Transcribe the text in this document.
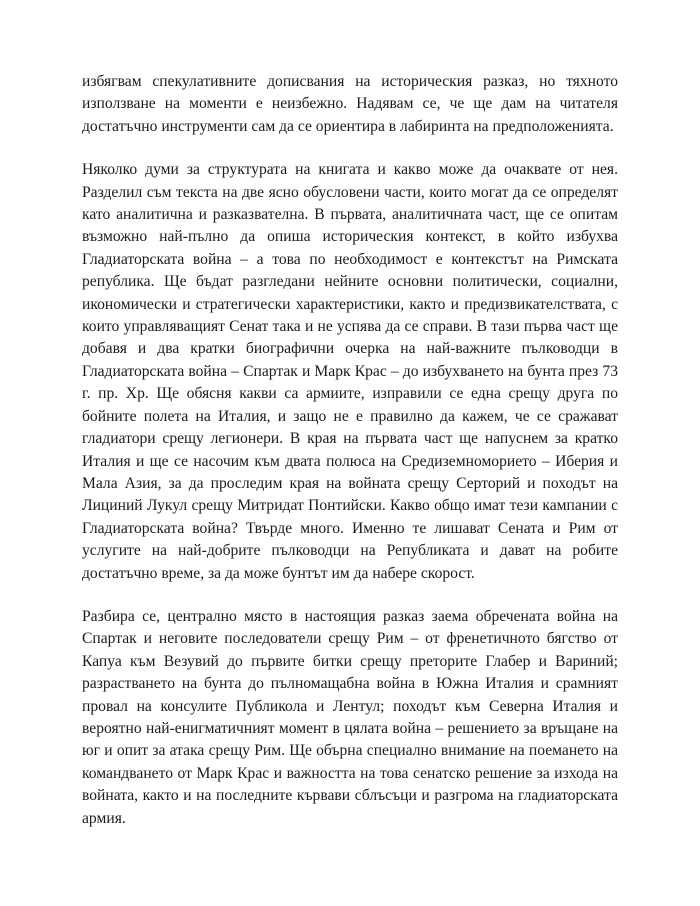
избягвам спекулативните дописвания на историческия разказ, но тяхното използване на моменти е неизбежно. Надявам се, че ще дам на читателя достатъчно инструменти сам да се ориентира в лабиринта на предположенията.

Няколко думи за структурата на книгата и какво може да очаквате от нея. Разделил съм текста на две ясно обусловени части, които могат да се определят като аналитична и разказвателна. В първата, аналитичната част, ще се опитам възможно най-пълно да опиша историческия контекст, в който избухва Гладиаторската война – а това по необходимост е контекстът на Римската република. Ще бъдат разгледани нейните основни политически, социални, икономически и стратегически характеристики, както и предизвикателствата, с които управляващият Сенат така и не успява да се справи. В тази първа част ще добавя и два кратки биографични очерка на най-важните пълководци в Гладиаторската война – Спартак и Марк Крас – до избухването на бунта през 73 г. пр. Хр. Ще обясня какви са армиите, изправили се една срещу друга по бойните полета на Италия, и защо не е правилно да кажем, че се сражават гладиатори срещу легионери. В края на първата част ще напуснем за кратко Италия и ще се насочим към двата полюса на Средиземноморието – Иберия и Мала Азия, за да проследим края на войната срещу Серторий и походът на Лициний Лукул срещу Митридат Понтийски. Какво общо имат тези кампании с Гладиаторската война? Твърде много. Именно те лишават Сената и Рим от услугите на най-добрите пълководци на Републиката и дават на робите достатъчно време, за да може бунтът им да набере скорост.

Разбира се, централно място в настоящия разказ заема обречената война на Спартак и неговите последователи срещу Рим – от френетичното бягство от Капуа към Везувий до първите битки срещу преторите Глабер и Вариний; разрастването на бунта до пълномащабна война в Южна Италия и срамният провал на консулите Публикола и Лентул; походът към Северна Италия и вероятно най-енигматичният момент в цялата война – решението за връщане на юг и опит за атака срещу Рим. Ще обърна специално внимание на поемането на командването от Марк Крас и важността на това сенатско решение за изхода на войната, както и на последните кървави сблъсъци и разгрома на гладиаторската армия.
